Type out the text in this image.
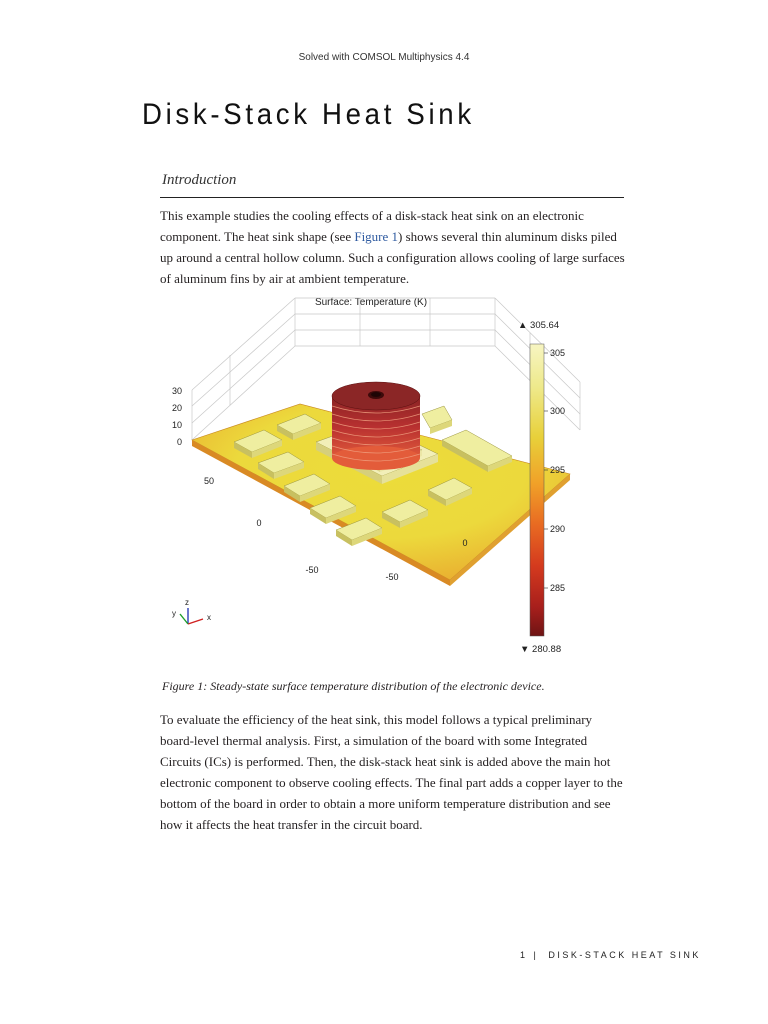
Solved with COMSOL Multiphysics 4.4
Disk-Stack Heat Sink
Introduction

This example studies the cooling effects of a disk-stack heat sink on an electronic component. The heat sink shape (see Figure 1) shows several thin aluminum disks piled up around a central hollow column. Such a configuration allows cooling of large surfaces of aluminum fins by air at ambient temperature.

Surface: Temperature (K)
30
20
10
0
50
0
-50
-50
0
z
y	x
▲ 305.64
305
300
295
290
285
▼ 280.88

Figure 1: Steady-state surface temperature distribution of the electronic device.

To evaluate the efficiency of the heat sink, this model follows a typical preliminary board-level thermal analysis. First, a simulation of the board with some Integrated Circuits (ICs) is performed. Then, the disk-stack heat sink is added above the main hot electronic component to observe cooling effects. The final part adds a copper layer to the bottom of the board in order to obtain a more uniform temperature distribution and see how it affects the heat transfer in the circuit board.

1 | DISK-STACK HEAT SINK
